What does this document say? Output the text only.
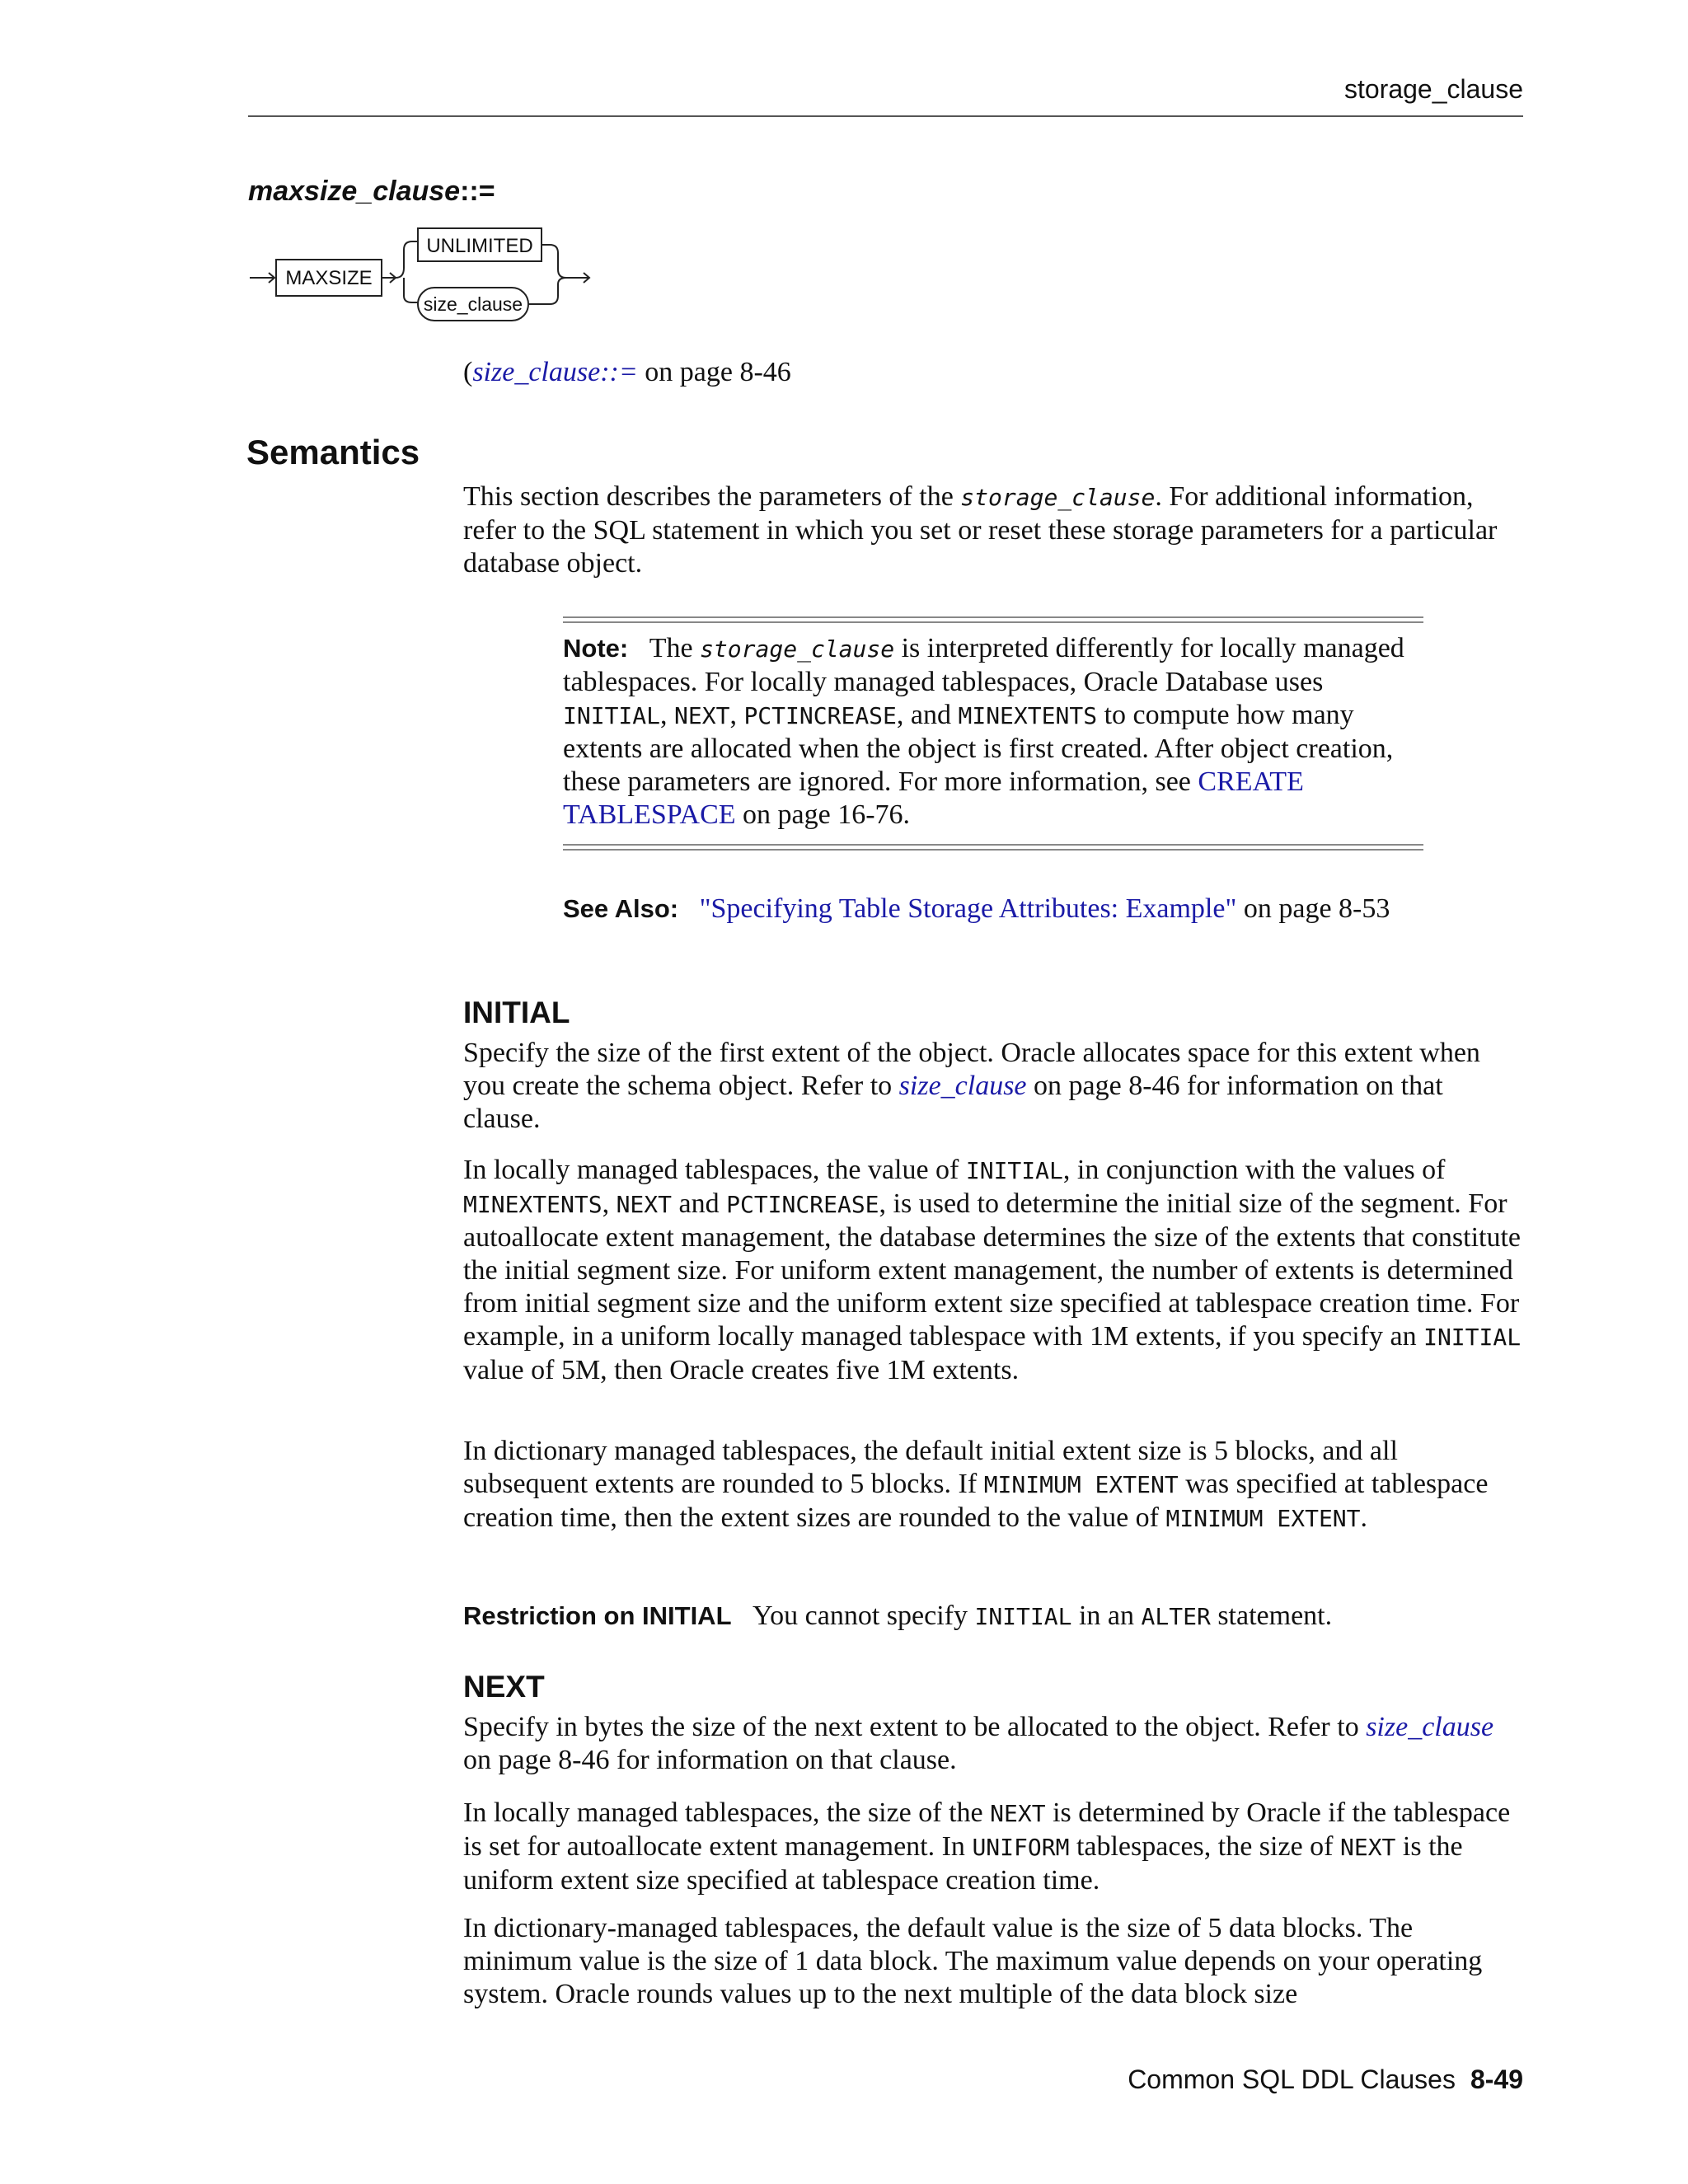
storage_clause
maxsize_clause::=
MAXSIZE
UNLIMITED
size_clause
(size_clause::= on page 8-46
Semantics
This section describes the parameters of the storage_clause. For additional information, refer to the SQL statement in which you set or reset these storage parameters for a particular database object.
Note: The storage_clause is interpreted differently for locally managed tablespaces. For locally managed tablespaces, Oracle Database uses INITIAL, NEXT, PCTINCREASE, and MINEXTENTS to compute how many extents are allocated when the object is first created. After object creation, these parameters are ignored. For more information, see CREATE TABLESPACE on page 16-76.
See Also: "Specifying Table Storage Attributes: Example" on page 8-53
INITIAL
Specify the size of the first extent of the object. Oracle allocates space for this extent when you create the schema object. Refer to size_clause on page 8-46 for information on that clause.
In locally managed tablespaces, the value of INITIAL, in conjunction with the values of MINEXTENTS, NEXT and PCTINCREASE, is used to determine the initial size of the segment. For autoallocate extent management, the database determines the size of the extents that constitute the initial segment size. For uniform extent management, the number of extents is determined from initial segment size and the uniform extent size specified at tablespace creation time. For example, in a uniform locally managed tablespace with 1M extents, if you specify an INITIAL value of 5M, then Oracle creates five 1M extents.
In dictionary managed tablespaces, the default initial extent size is 5 blocks, and all subsequent extents are rounded to 5 blocks. If MINIMUM EXTENT was specified at tablespace creation time, then the extent sizes are rounded to the value of MINIMUM EXTENT.
Restriction on INITIAL You cannot specify INITIAL in an ALTER statement.
NEXT
Specify in bytes the size of the next extent to be allocated to the object. Refer to size_clause on page 8-46 for information on that clause.
In locally managed tablespaces, the size of the NEXT is determined by Oracle if the tablespace is set for autoallocate extent management. In UNIFORM tablespaces, the size of NEXT is the uniform extent size specified at tablespace creation time.
In dictionary-managed tablespaces, the default value is the size of 5 data blocks. The minimum value is the size of 1 data block. The maximum value depends on your operating system. Oracle rounds values up to the next multiple of the data block size
Common SQL DDL Clauses 8-49
